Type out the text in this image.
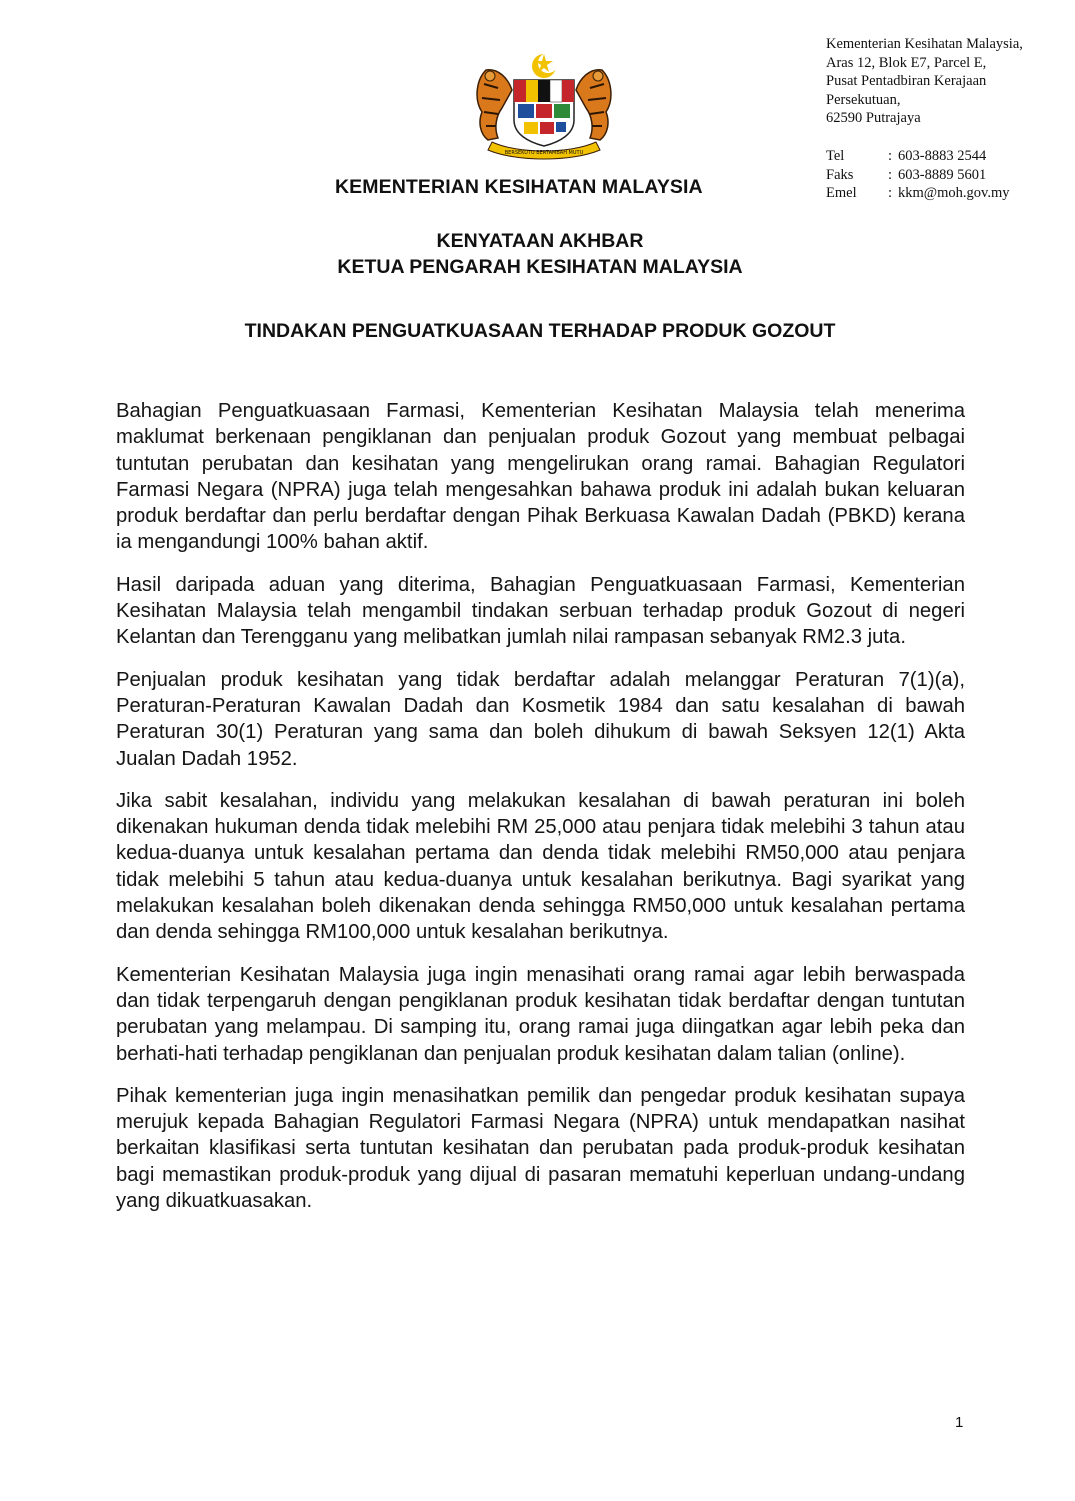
BERSEKUTU BERTAMBAH MUTU
Kementerian Kesihatan Malaysia,
Aras 12, Blok E7, Parcel E,
Pusat Pentadbiran Kerajaan
Persekutuan,
62590 Putrajaya
Tel	: 603-8883 2544
Faks	: 603-8889 5601
Emel	: kkm@moh.gov.my
KEMENTERIAN KESIHATAN MALAYSIA
KENYATAAN AKHBAR
KETUA PENGARAH KESIHATAN MALAYSIA
TINDAKAN PENGUATKUASAAN TERHADAP PRODUK GOZOUT

Bahagian Penguatkuasaan Farmasi, Kementerian Kesihatan Malaysia telah menerima maklumat berkenaan pengiklanan dan penjualan produk Gozout yang membuat pelbagai tuntutan perubatan dan kesihatan yang mengelirukan orang ramai. Bahagian Regulatori Farmasi Negara (NPRA) juga telah mengesahkan bahawa produk ini adalah bukan keluaran produk berdaftar dan perlu berdaftar dengan Pihak Berkuasa Kawalan Dadah (PBKD) kerana ia mengandungi 100% bahan aktif.

Hasil daripada aduan yang diterima, Bahagian Penguatkuasaan Farmasi, Kementerian Kesihatan Malaysia telah mengambil tindakan serbuan terhadap produk Gozout di negeri Kelantan dan Terengganu yang melibatkan jumlah nilai rampasan sebanyak RM2.3 juta.

Penjualan produk kesihatan yang tidak berdaftar adalah melanggar Peraturan 7(1)(a), Peraturan-Peraturan Kawalan Dadah dan Kosmetik 1984 dan satu kesalahan di bawah Peraturan 30(1) Peraturan yang sama dan boleh dihukum di bawah Seksyen 12(1) Akta Jualan Dadah 1952.

Jika sabit kesalahan, individu yang melakukan kesalahan di bawah peraturan ini boleh dikenakan hukuman denda tidak melebihi RM 25,000 atau penjara tidak melebihi 3 tahun atau kedua-duanya untuk kesalahan pertama dan denda tidak melebihi RM50,000 atau penjara tidak melebihi 5 tahun atau kedua-duanya untuk kesalahan berikutnya. Bagi syarikat yang melakukan kesalahan boleh dikenakan denda sehingga RM50,000 untuk kesalahan pertama dan denda sehingga RM100,000 untuk kesalahan berikutnya.

Kementerian Kesihatan Malaysia juga ingin menasihati orang ramai agar lebih berwaspada dan tidak terpengaruh dengan pengiklanan produk kesihatan tidak berdaftar dengan tuntutan perubatan yang melampau. Di samping itu, orang ramai juga diingatkan agar lebih peka dan berhati-hati terhadap pengiklanan dan penjualan produk kesihatan dalam talian (online).

Pihak kementerian juga ingin menasihatkan pemilik dan pengedar produk kesihatan supaya merujuk kepada Bahagian Regulatori Farmasi Negara (NPRA) untuk mendapatkan nasihat berkaitan klasifikasi serta tuntutan kesihatan dan perubatan pada produk-produk kesihatan bagi memastikan produk-produk yang dijual di pasaran mematuhi keperluan undang-undang yang dikuatkuasakan.

1
